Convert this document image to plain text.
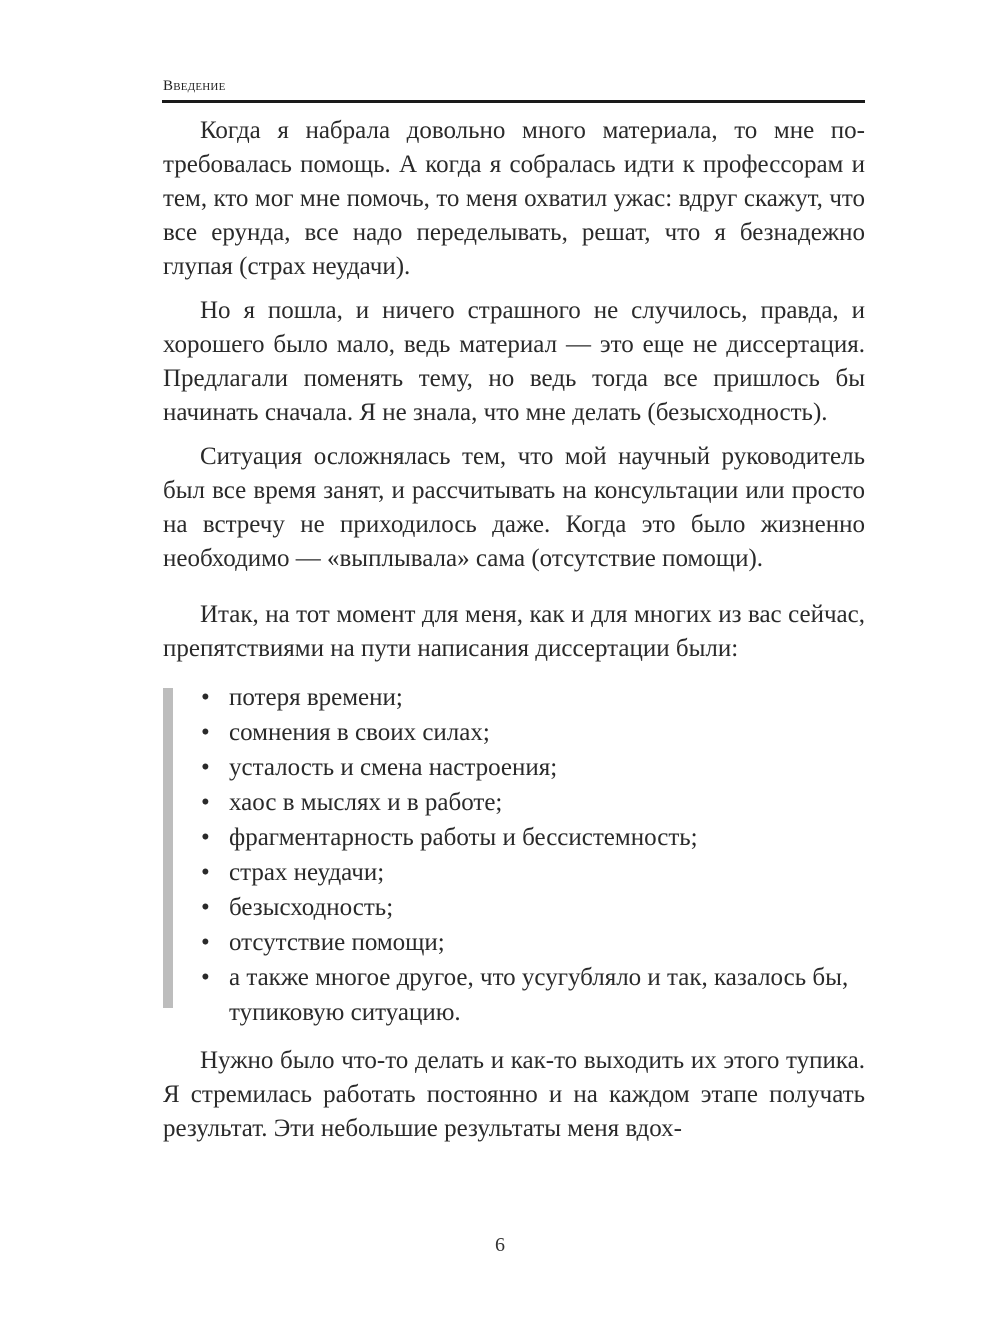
Введение

Когда я набрала довольно много материала, то мне потребовалась помощь. А когда я собралась идти к профессорам и тем, кто мог мне помочь, то меня охватил ужас: вдруг скажут, что все ерунда, все надо переделывать, решат, что я безнадежно глупая (страх неудачи).

Но я пошла, и ничего страшного не случилось, правда, и хорошего было мало, ведь материал — это еще не диссертация. Предлагали поменять тему, но ведь тогда все пришлось бы начинать сначала. Я не знала, что мне делать (безысходность).

Ситуация осложнялась тем, что мой научный руководитель был все время занят, и рассчитывать на консультации или просто на встречу не приходилось даже. Когда это было жизненно необходимо — «выплывала» сама (отсутствие помощи).

Итак, на тот момент для меня, как и для многих из вас сейчас, препятствиями на пути написания диссертации были:

• потеря времени;
• сомнения в своих силах;
• усталость и смена настроения;
• хаос в мыслях и в работе;
• фрагментарность работы и бессистемность;
• страх неудачи;
• безысходность;
• отсутствие помощи;
• а также многое другое, что усугубляло и так, казалось бы, тупиковую ситуацию.

Нужно было что-то делать и как-то выходить их этого тупика. Я стремилась работать постоянно и на каждом этапе получать результат. Эти небольшие результаты меня вдох-

6
